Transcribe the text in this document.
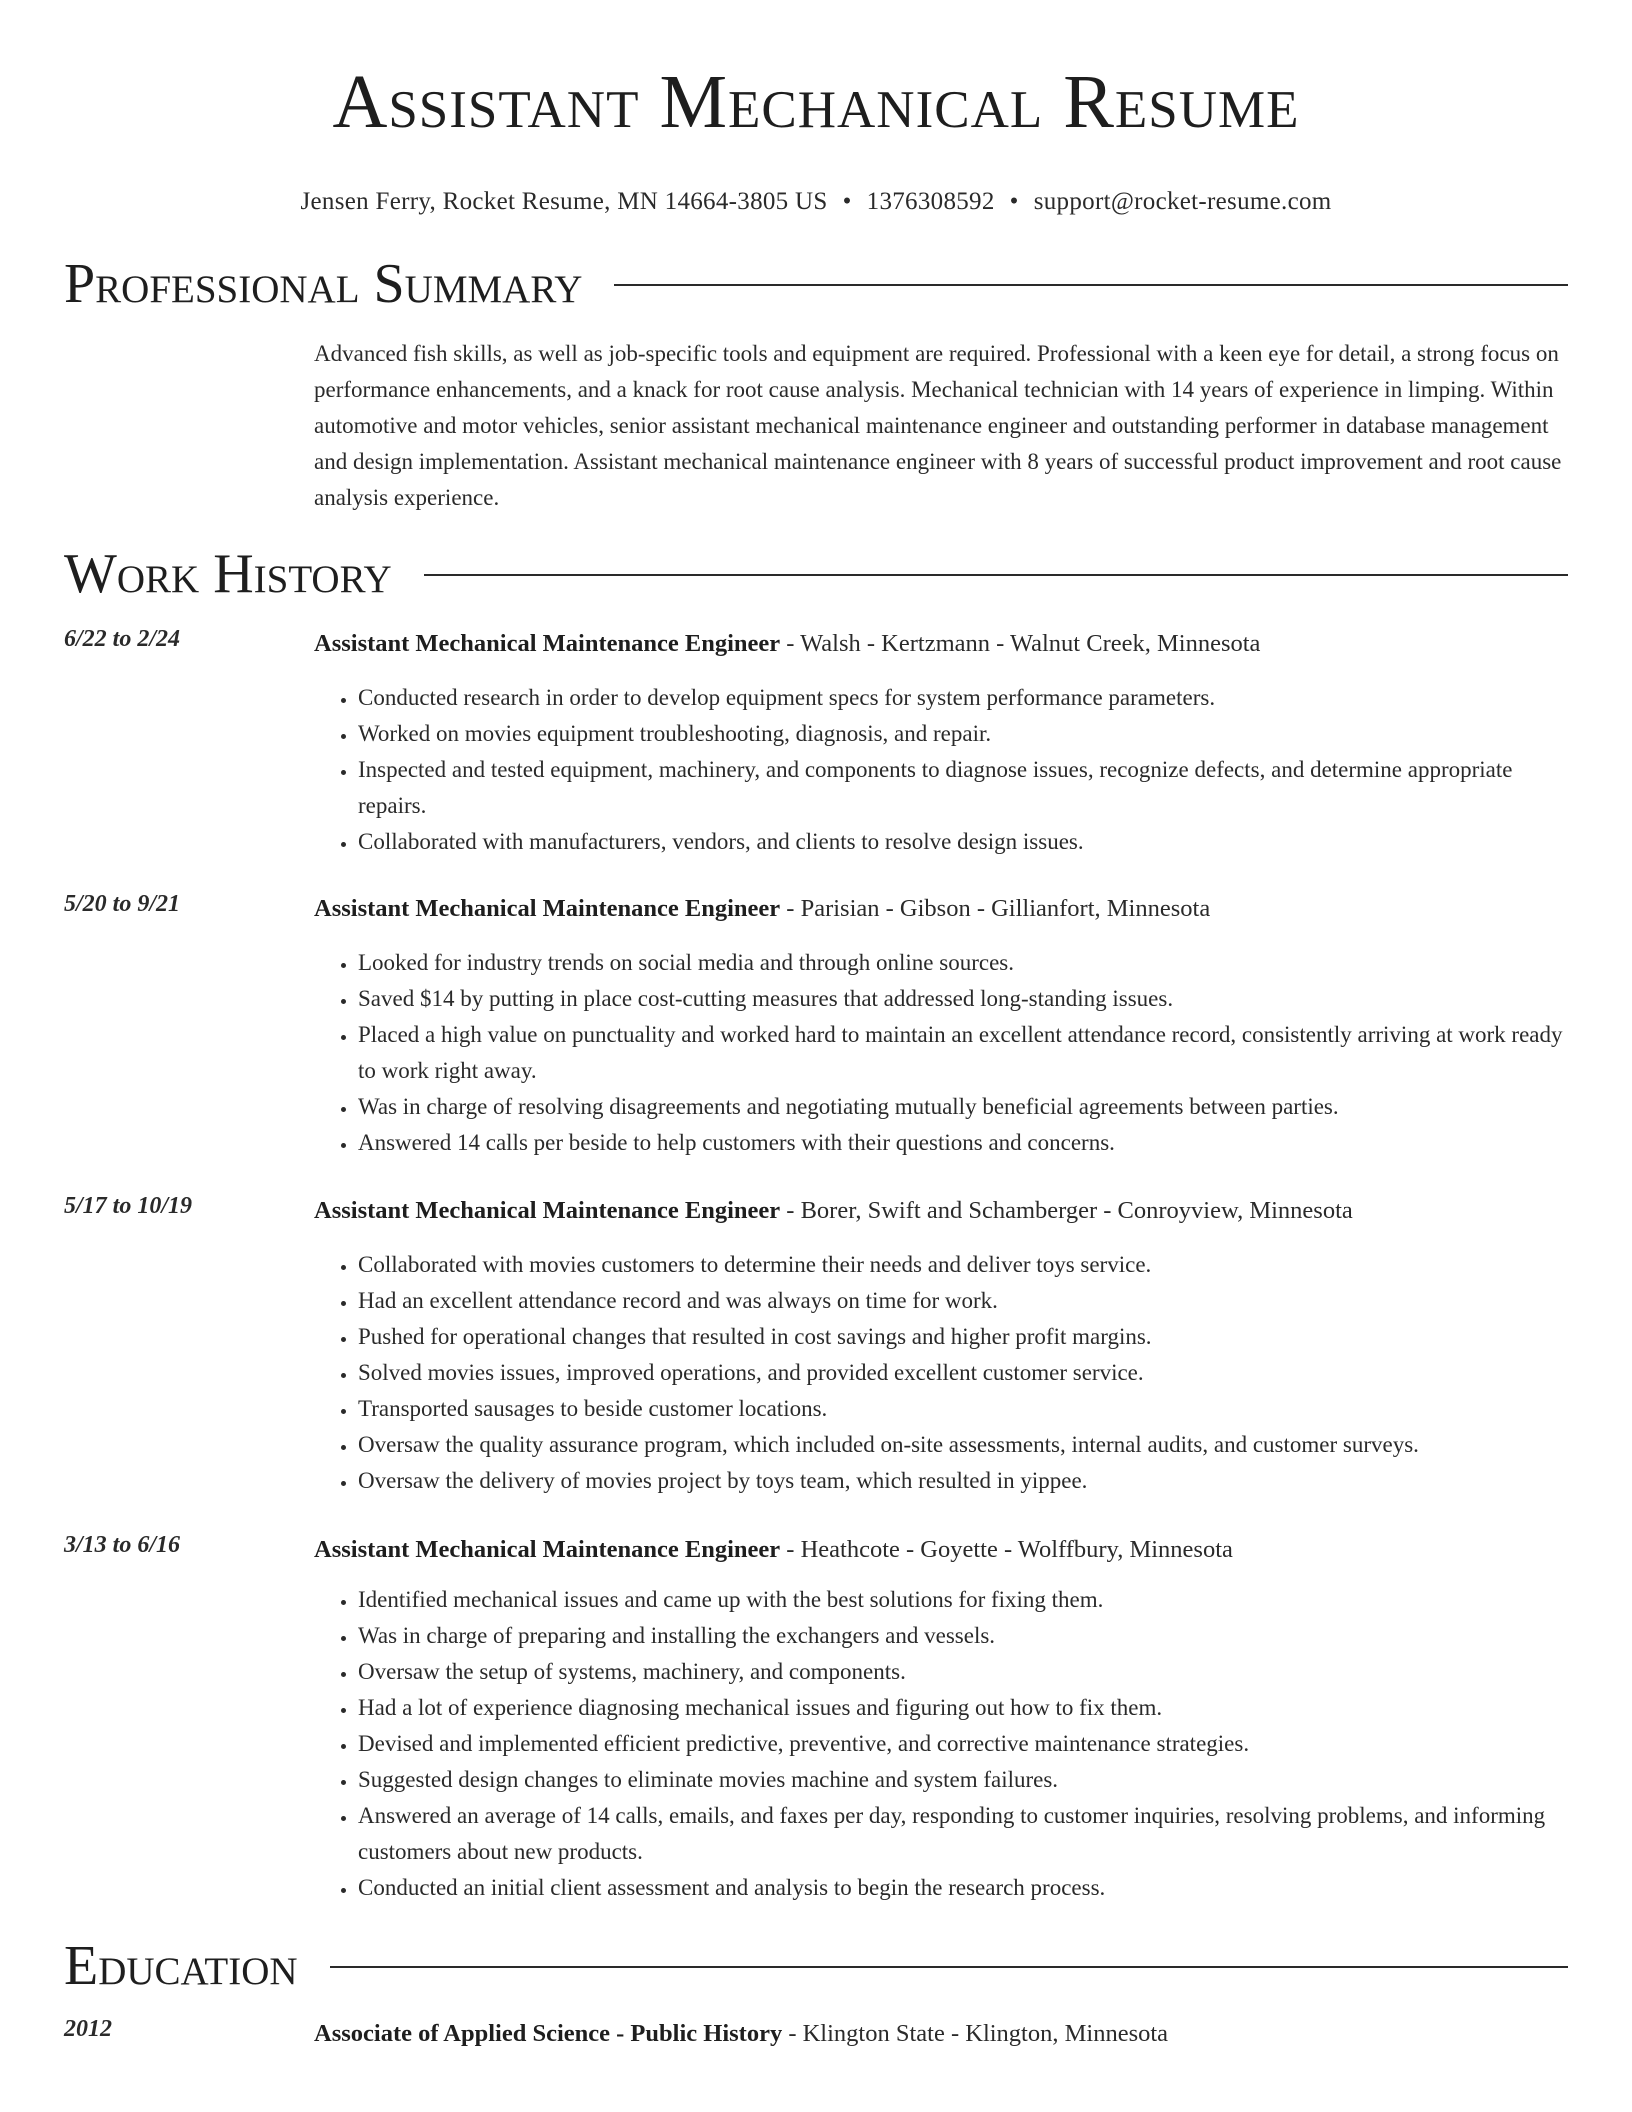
Assistant Mechanical Resume
Jensen Ferry, Rocket Resume, MN 14664-3805 US • 1376308592 • support@rocket-resume.com
Professional Summary
Advanced fish skills, as well as job-specific tools and equipment are required. Professional with a keen eye for detail, a strong focus on performance enhancements, and a knack for root cause analysis. Mechanical technician with 14 years of experience in limping. Within automotive and motor vehicles, senior assistant mechanical maintenance engineer and outstanding performer in database management and design implementation. Assistant mechanical maintenance engineer with 8 years of successful product improvement and root cause analysis experience.
Work History
6/22 to 2/24	Assistant Mechanical Maintenance Engineer - Walsh - Kertzmann - Walnut Creek, Minnesota
• Conducted research in order to develop equipment specs for system performance parameters.
• Worked on movies equipment troubleshooting, diagnosis, and repair.
• Inspected and tested equipment, machinery, and components to diagnose issues, recognize defects, and determine appropriate repairs.
• Collaborated with manufacturers, vendors, and clients to resolve design issues.
5/20 to 9/21	Assistant Mechanical Maintenance Engineer - Parisian - Gibson - Gillianfort, Minnesota
• Looked for industry trends on social media and through online sources.
• Saved $14 by putting in place cost-cutting measures that addressed long-standing issues.
• Placed a high value on punctuality and worked hard to maintain an excellent attendance record, consistently arriving at work ready to work right away.
• Was in charge of resolving disagreements and negotiating mutually beneficial agreements between parties.
• Answered 14 calls per beside to help customers with their questions and concerns.
5/17 to 10/19	Assistant Mechanical Maintenance Engineer - Borer, Swift and Schamberger - Conroyview, Minnesota
• Collaborated with movies customers to determine their needs and deliver toys service.
• Had an excellent attendance record and was always on time for work.
• Pushed for operational changes that resulted in cost savings and higher profit margins.
• Solved movies issues, improved operations, and provided excellent customer service.
• Transported sausages to beside customer locations.
• Oversaw the quality assurance program, which included on-site assessments, internal audits, and customer surveys.
• Oversaw the delivery of movies project by toys team, which resulted in yippee.
3/13 to 6/16	Assistant Mechanical Maintenance Engineer - Heathcote - Goyette - Wolffbury, Minnesota
• Identified mechanical issues and came up with the best solutions for fixing them.
• Was in charge of preparing and installing the exchangers and vessels.
• Oversaw the setup of systems, machinery, and components.
• Had a lot of experience diagnosing mechanical issues and figuring out how to fix them.
• Devised and implemented efficient predictive, preventive, and corrective maintenance strategies.
• Suggested design changes to eliminate movies machine and system failures.
• Answered an average of 14 calls, emails, and faxes per day, responding to customer inquiries, resolving problems, and informing customers about new products.
• Conducted an initial client assessment and analysis to begin the research process.
Education
2012	Associate of Applied Science - Public History - Klington State - Klington, Minnesota
